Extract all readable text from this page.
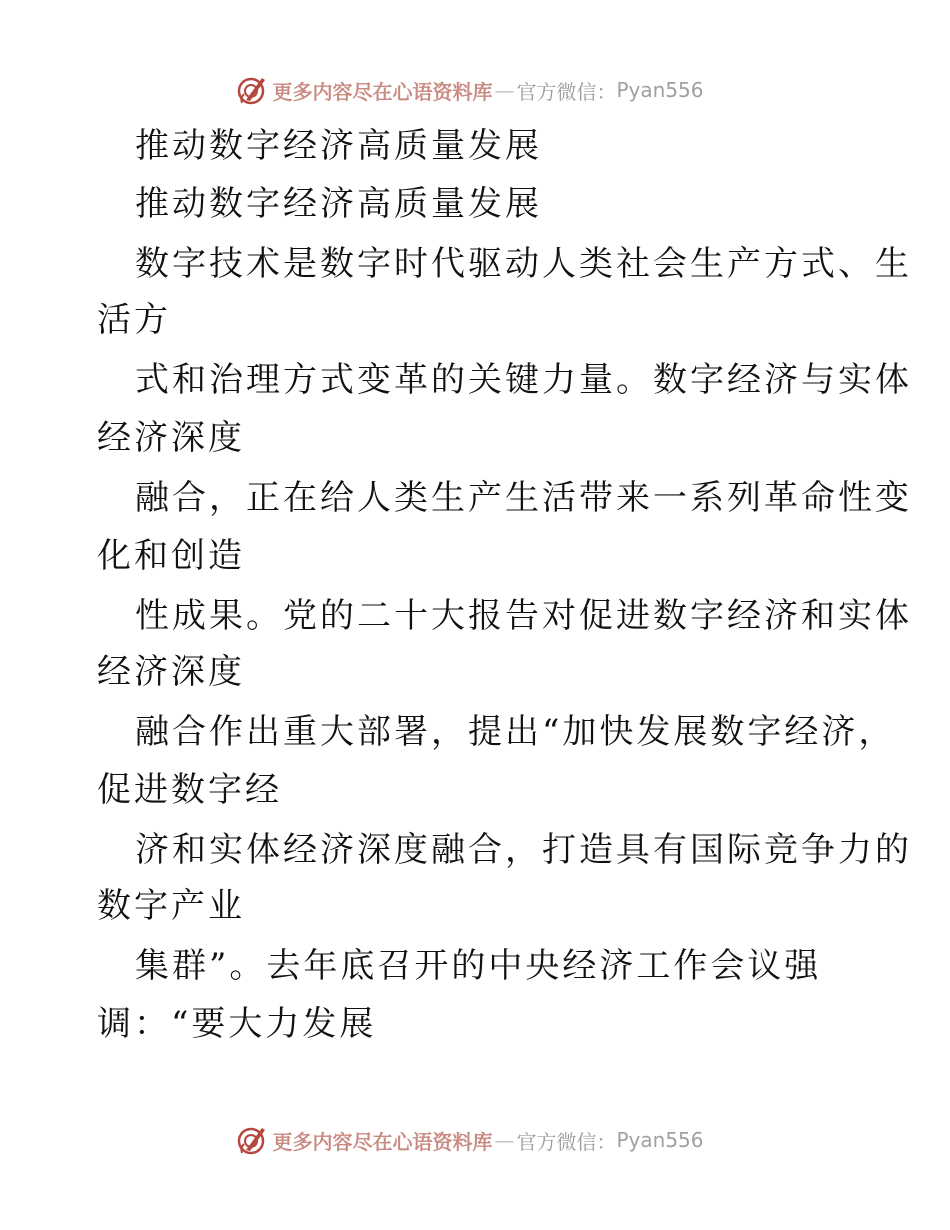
更多内容尽在心语资料库 — 官方微信： Pyan556
推动数字经济高质量发展
推动数字经济高质量发展
数字技术是数字时代驱动人类社会生产方式、生
活方
式和治理方式变革的关键力量。数字经济与实体
经济深度
融合，正在给人类生产生活带来一系列革命性变
化和创造
性成果。党的二十大报告对促进数字经济和实体
经济深度
融合作出重大部署，提出“加快发展数字经济，
促进数字经
济和实体经济深度融合，打造具有国际竞争力的
数字产业
集群”。去年底召开的中央经济工作会议强
调：“要大力发展
更多内容尽在心语资料库 — 官方微信： Pyan556
